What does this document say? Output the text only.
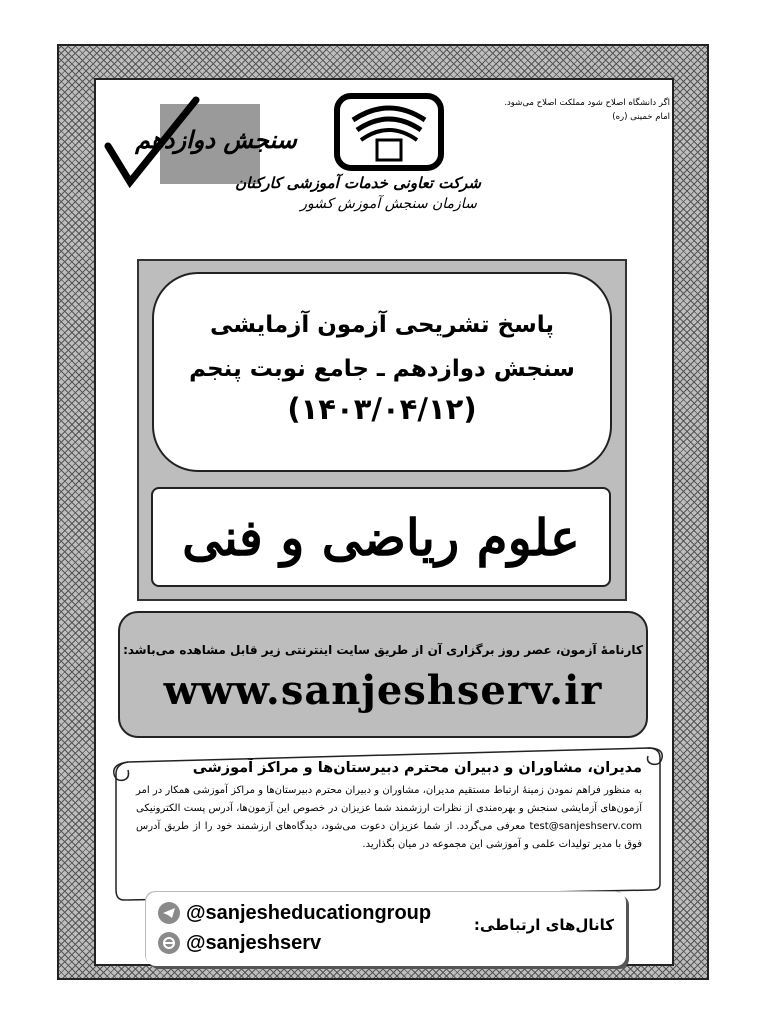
سنجش دوازدهم
شرکت تعاونی خدمات آموزشی کارکنان
سازمان سنجش آموزش کشور
اگر دانشگاه اصلاح شود مملکت اصلاح می‌شود.
امام خمینی (ره)
پاسخ تشریحی آزمون آزمایشی
سنجش دوازدهم ـ جامع نوبت پنجم
(۱۴۰۳/۰۴/۱۲)
علوم ریاضی و فنی
کارنامهٔ آزمون، عصر روز برگزاری آن از طریق سایت اینترنتی زیر قابل مشاهده می‌باشد:
www.sanjeshserv.ir
مدیران، مشاوران و دبیران محترم دبیرستان‌ها و مراکز آموزشی
به منظور فراهم نمودن زمینهٔ ارتباط مستقیم مدیران، مشاوران و دبیران محترم دبیرستان‌ها و مراکز آموزشی همکار در امر آزمون‌های آزمایشی سنجش و بهره‌مندی از نظرات ارزشمند شما عزیزان در خصوص این آزمون‌ها، آدرس پست الکترونیکی test@sanjeshserv.com معرفی می‌گردد. از شما عزیزان دعوت می‌شود، دیدگاه‌های ارزشمند خود را از طریق آدرس فوق با مدیر تولیدات علمی و آموزشی این مجموعه در میان بگذارید.
@sanjesheducationgroup
@sanjeshserv
کانال‌های ارتباطی:
